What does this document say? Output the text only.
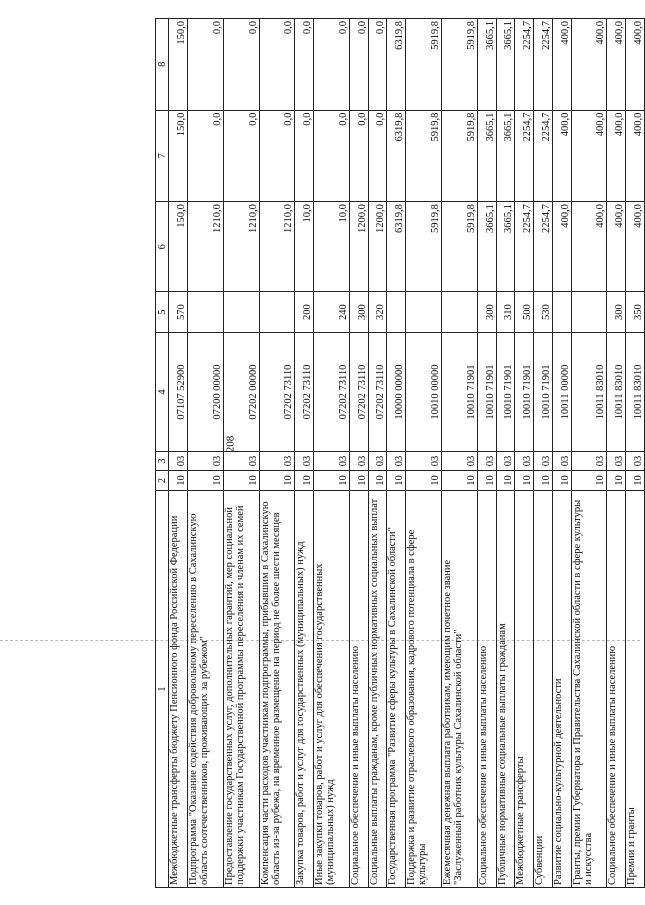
208
1	2	3	4	5	6	7	8
Межбюджетные трансферты бюджету Пенсионного фонда Российской Федерации	10	03	07107 52900	570	150,0	150,0	150,0
Подпрограмма "Оказание содействия добровольному переселению в Сахалинскую область соотечественников, проживающих за рубежом"	10	03	07200 00000		1210,0	0,0	0,0
Предоставление государственных услуг, дополнительных гарантий, мер социальной поддержки участникам Государственной программы переселения и членам их семей	10	03	07202 00000		1210,0	0,0	0,0
Компенсация части расходов участникам подпрограммы, прибывшим в Сахалинскую область из-за рубежа, на временное размещение на период не более шести месяцев	10	03	07202 73110		1210,0	0,0	0,0
Закупка товаров, работ и услуг для государственных (муниципальных) нужд	10	03	07202 73110	200	10,0	0,0	0,0
Иные закупки товаров, работ и услуг для обеспечения государственных (муниципальных) нужд	10	03	07202 73110	240	10,0	0,0	0,0
Социальное обеспечение и иные выплаты населению	10	03	07202 73110	300	1200,0	0,0	0,0
Социальные выплаты гражданам, кроме публичных нормативных социальных выплат	10	03	07202 73110	320	1200,0	0,0	0,0
Государственная программа "Развитие сферы культуры в Сахалинской области"	10	03	10000 00000		6319,8	6319,8	6319,8
Поддержка и развитие отраслевого образования, кадрового потенциала в сфере культуры	10	03	10010 00000		5919,8	5919,8	5919,8
Ежемесячная денежная выплата работникам, имеющим почетное звание "Заслуженный работник культуры Сахалинской области"	10	03	10010 71901		5919,8	5919,8	5919,8
Социальное обеспечение и иные выплаты населению	10	03	10010 71901	300	3665,1	3665,1	3665,1
Публичные нормативные социальные выплаты гражданам	10	03	10010 71901	310	3665,1	3665,1	3665,1
Межбюджетные трансферты	10	03	10010 71901	500	2254,7	2254,7	2254,7
Субвенции	10	03	10010 71901	530	2254,7	2254,7	2254,7
Развитие социально-культурной деятельности	10	03	10011 00000		400,0	400,0	400,0
Гранты, премии Губернатора и Правительства Сахалинской области в сфере культуры и искусства	10	03	10011 83010		400,0	400,0	400,0
Социальное обеспечение и иные выплаты населению	10	03	10011 83010	300	400,0	400,0	400,0
Премии и гранты	10	03	10011 83010	350	400,0	400,0	400,0
